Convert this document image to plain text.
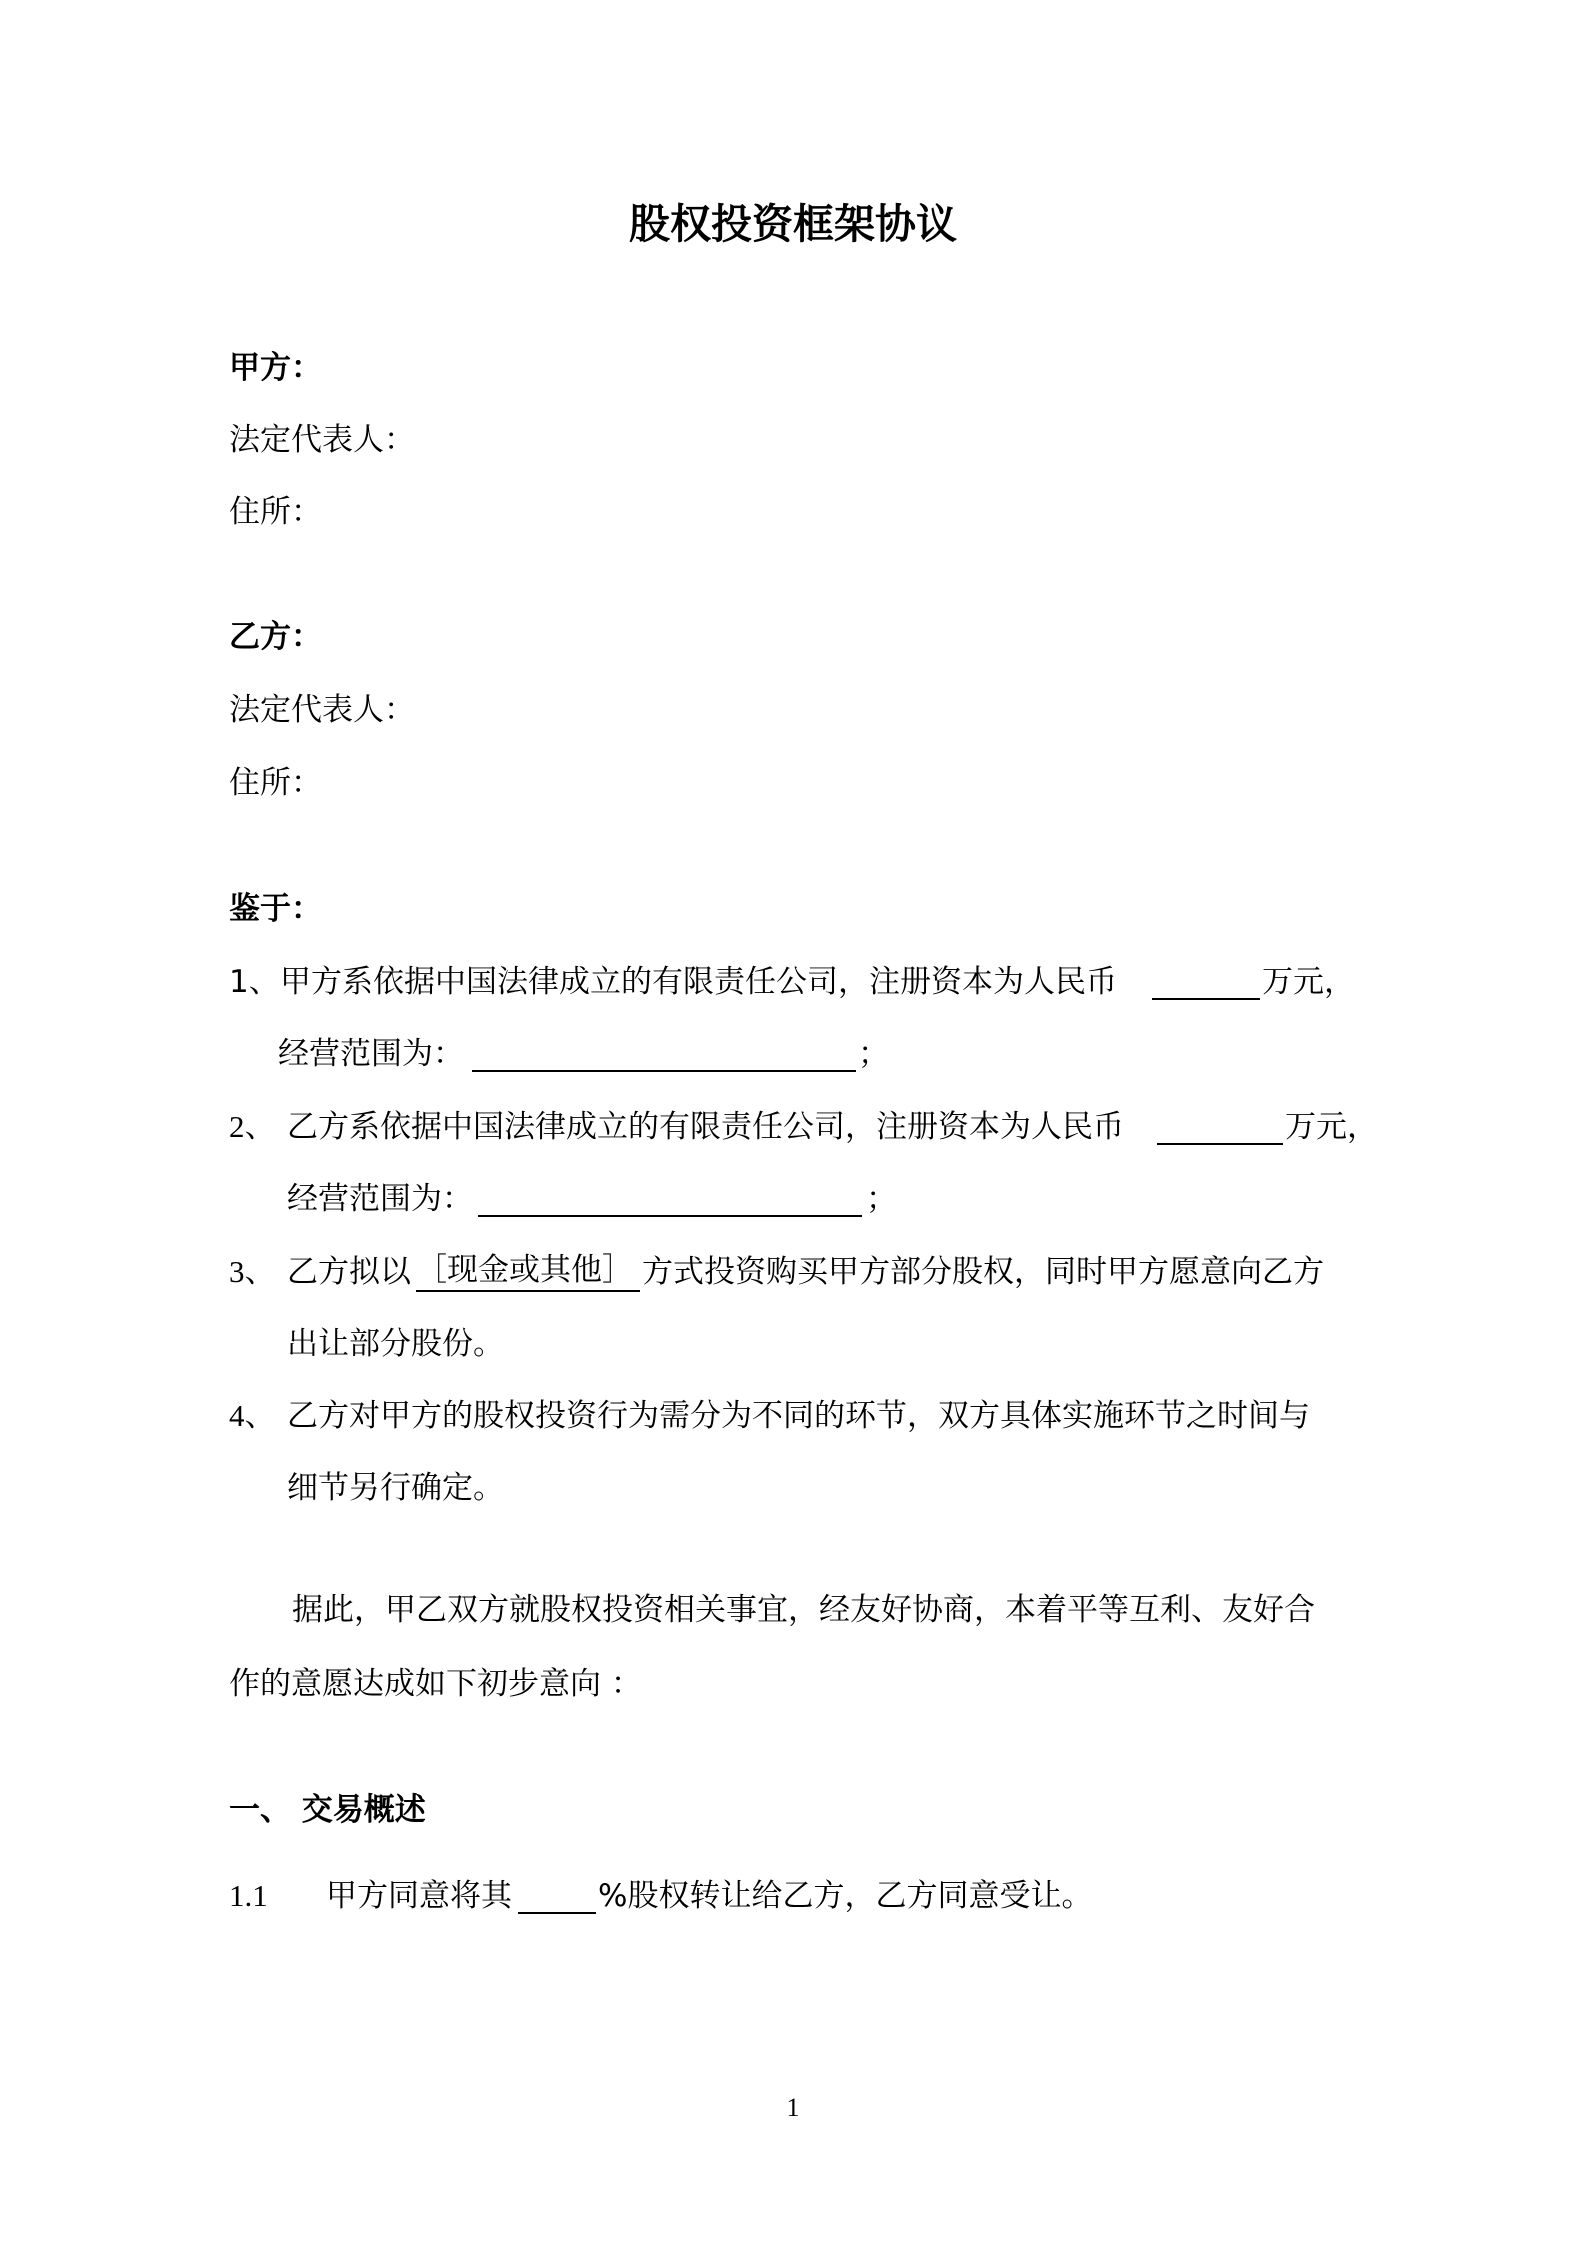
股权投资框架协议
甲方：
法定代表人：
住所：
乙方：
法定代表人：
住所：
鉴于：
1、 甲方系依据中国法律成立的有限责任公司，注册资本为人民币	万元，
经营范围为：	；
2、 乙方系依据中国法律成立的有限责任公司，注册资本为人民币	万元，
经营范围为：	；
3、 乙方拟以 ［现金或其他］ 方式投资购买甲方部分股权，同时甲方愿意向乙方
出让部分股份。
4、 乙方对甲方的股权投资行为需分为不同的环节，双方具体实施环节之时间与
细节另行确定。
据此，甲乙双方就股权投资相关事宜，经友好协商，本着平等互利、友好合
作的意愿达成如下初步意向 ：
一、 交易概述
1.1 甲方同意将其	%股权转让给乙方，乙方同意受让。
1
